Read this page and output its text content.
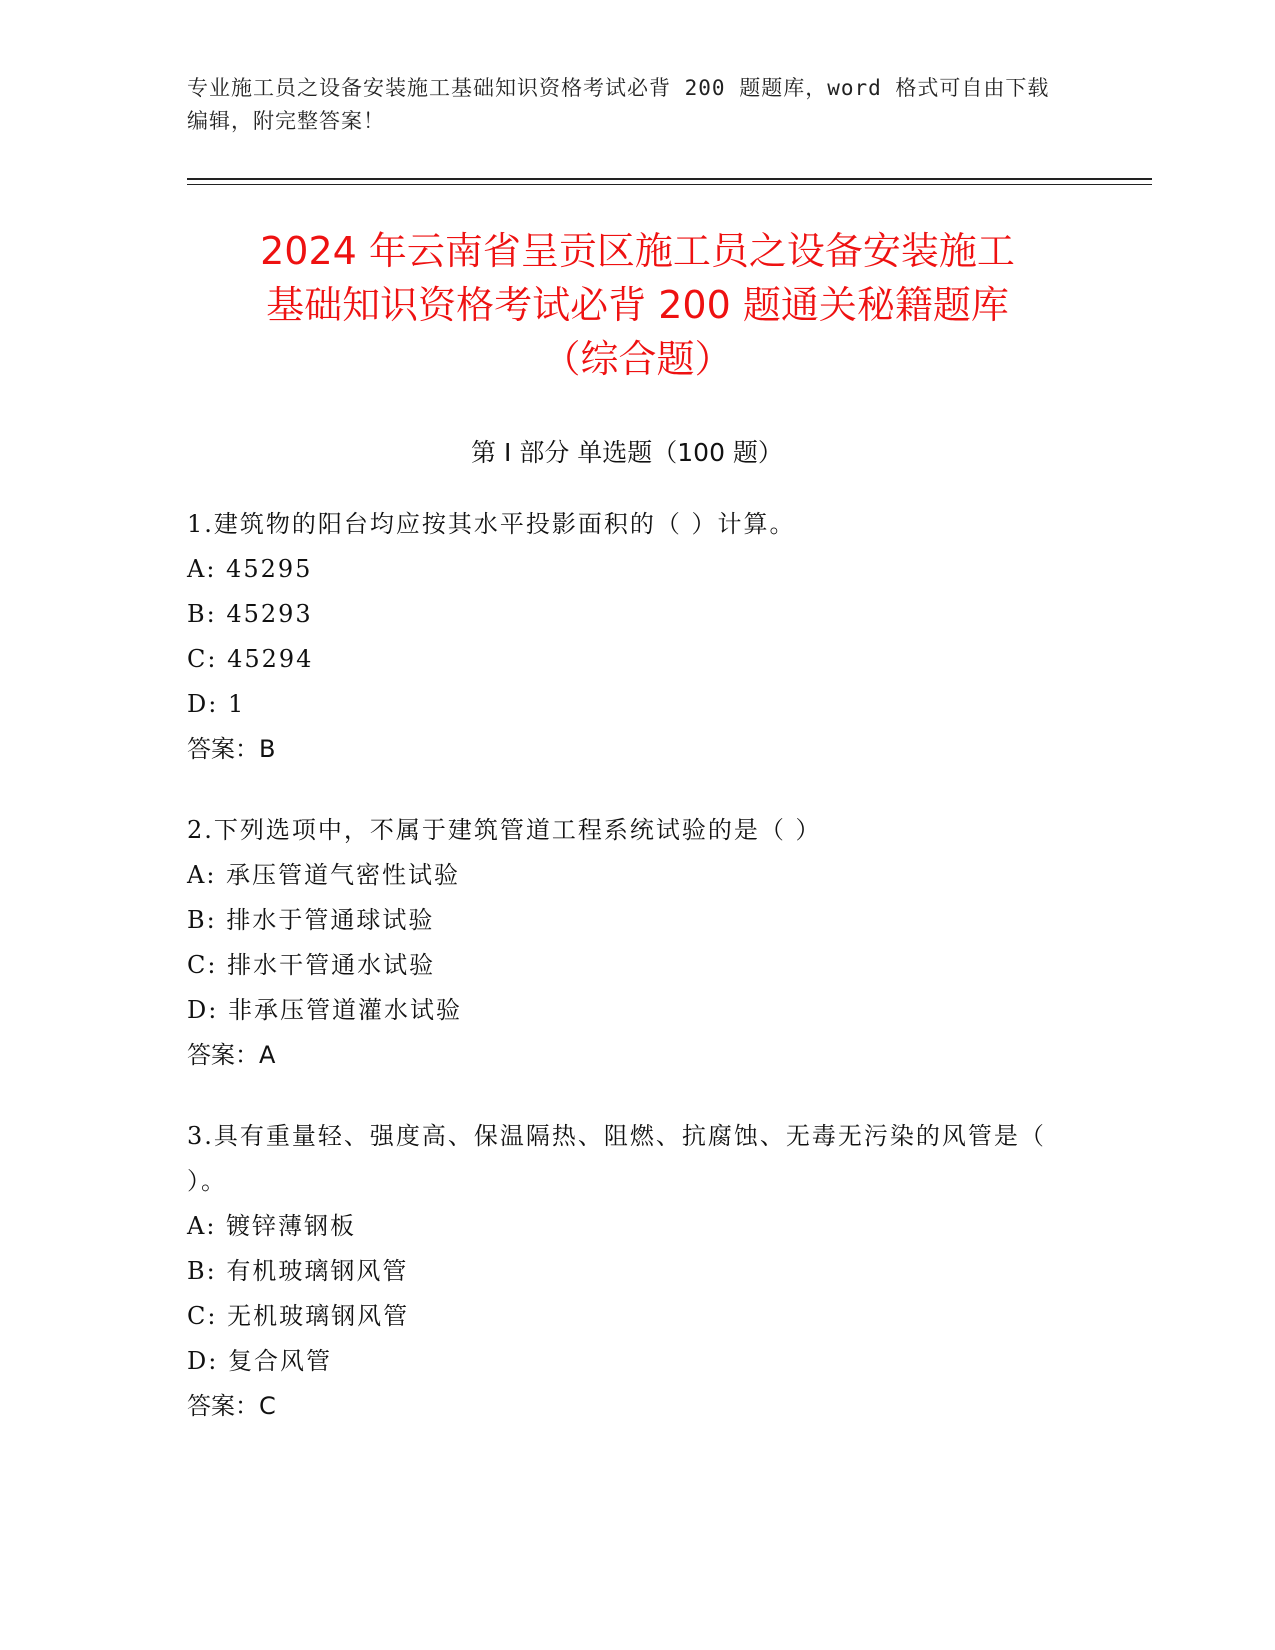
专业施工员之设备安装施工基础知识资格考试必背 200 题题库，word 格式可自由下载编辑，附完整答案！
2024 年云南省呈贡区施工员之设备安装施工
基础知识资格考试必背 200 题通关秘籍题库
（综合题）
第 I 部分 单选题（100 题）
1.建筑物的阳台均应按其水平投影面积的（ ）计算。
A: 45295
B: 45293
C: 45294
D: 1
答案：B
2.下列选项中，不属于建筑管道工程系统试验的是（ ）
A: 承压管道气密性试验
B: 排水于管通球试验
C: 排水干管通水试验
D: 非承压管道灌水试验
答案：A
3.具有重量轻、强度高、保温隔热、阻燃、抗腐蚀、无毒无污染的风管是（ ）。
A: 镀锌薄钢板
B: 有机玻璃钢风管
C: 无机玻璃钢风管
D: 复合风管
答案：C
